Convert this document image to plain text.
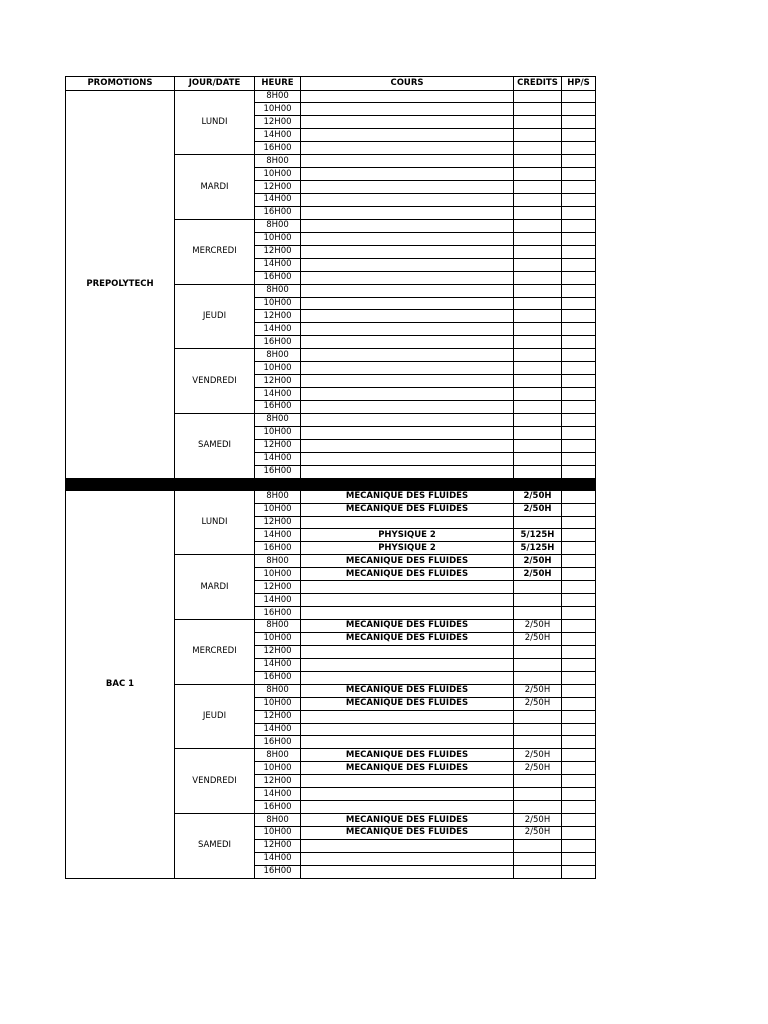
PROMOTIONS	JOUR/DATE	HEURE	COURS	CREDITS	HP/S
PREPOLYTECH	LUNDI	8H00			
		10H00			
		12H00			
		14H00			
		16H00			
	MARDI	8H00			
		10H00			
		12H00			
		14H00			
		16H00			
	MERCREDI	8H00			
		10H00			
		12H00			
		14H00			
		16H00			
	JEUDI	8H00			
		10H00			
		12H00			
		14H00			
		16H00			
	VENDREDI	8H00			
		10H00			
		12H00			
		14H00			
		16H00			
	SAMEDI	8H00			
		10H00			
		12H00			
		14H00			
		16H00			

BAC 1	LUNDI	8H00	MECANIQUE DES FLUIDES	2/50H	
		10H00	MECANIQUE DES FLUIDES	2/50H	
		12H00			
		14H00	PHYSIQUE 2	5/125H	
		16H00	PHYSIQUE 2	5/125H	
	MARDI	8H00	MECANIQUE DES FLUIDES	2/50H	
		10H00	MECANIQUE DES FLUIDES	2/50H	
		12H00			
		14H00			
		16H00			
	MERCREDI	8H00	MECANIQUE DES FLUIDES	2/50H	
		10H00	MECANIQUE DES FLUIDES	2/50H	
		12H00			
		14H00			
		16H00			
	JEUDI	8H00	MECANIQUE DES FLUIDES	2/50H	
		10H00	MECANIQUE DES FLUIDES	2/50H	
		12H00			
		14H00			
		16H00			
	VENDREDI	8H00	MECANIQUE DES FLUIDES	2/50H	
		10H00	MECANIQUE DES FLUIDES	2/50H	
		12H00			
		14H00			
		16H00			
	SAMEDI	8H00	MECANIQUE DES FLUIDES	2/50H	
		10H00	MECANIQUE DES FLUIDES	2/50H	
		12H00			
		14H00			
		16H00			
